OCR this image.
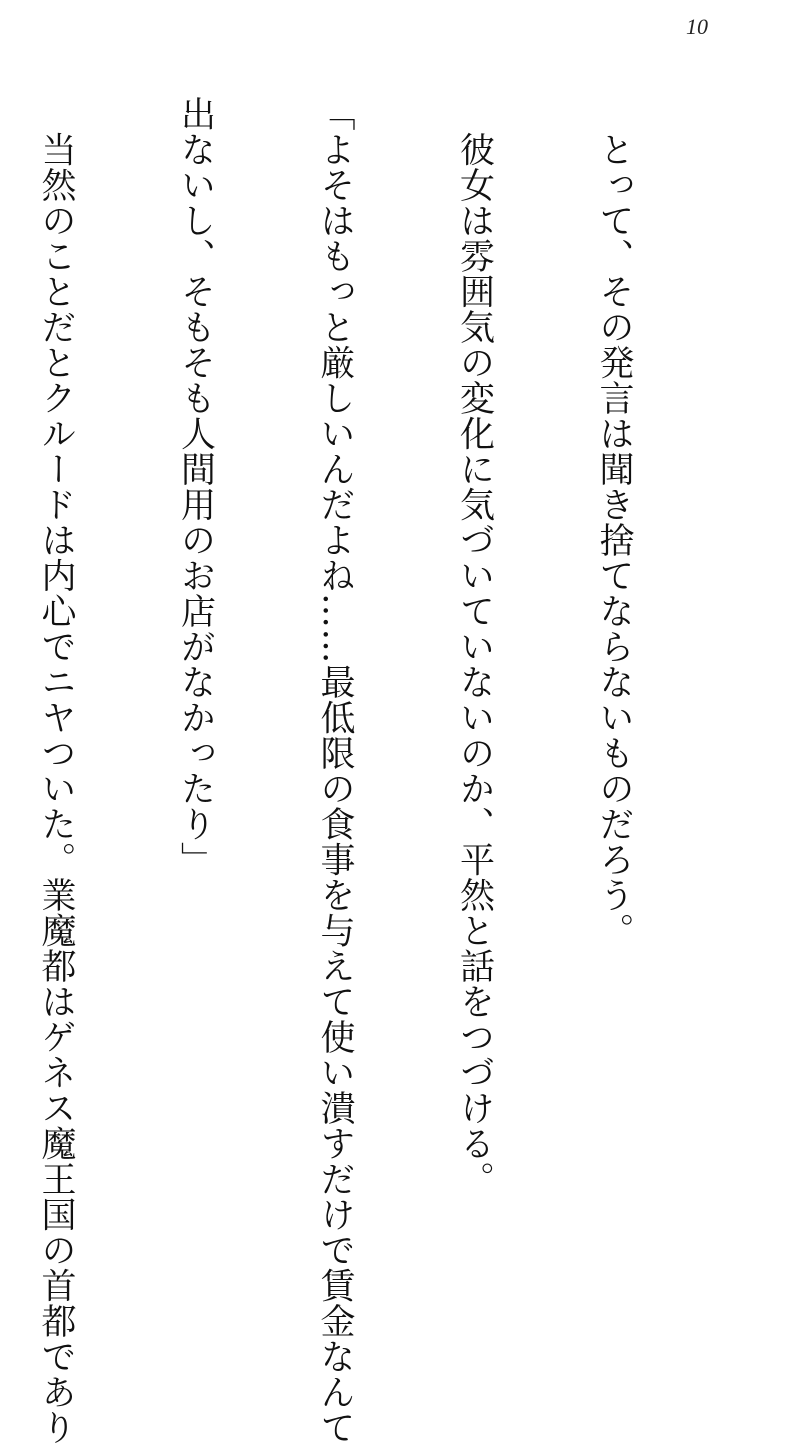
10

　とって、その発言は聞き捨てならないものだろう。

　彼女は雰囲気の変化に気づいていないのか、平然と話をつづける。

「よそはもっと厳しいんだよね……最低限の食事を与えて使い潰すだけで賃金なんて

出ないし、そもそも人間用のお店がなかったり」

　当然のことだとクルードは内心でニヤついた。業魔都はゲネス魔王国の首都であり
